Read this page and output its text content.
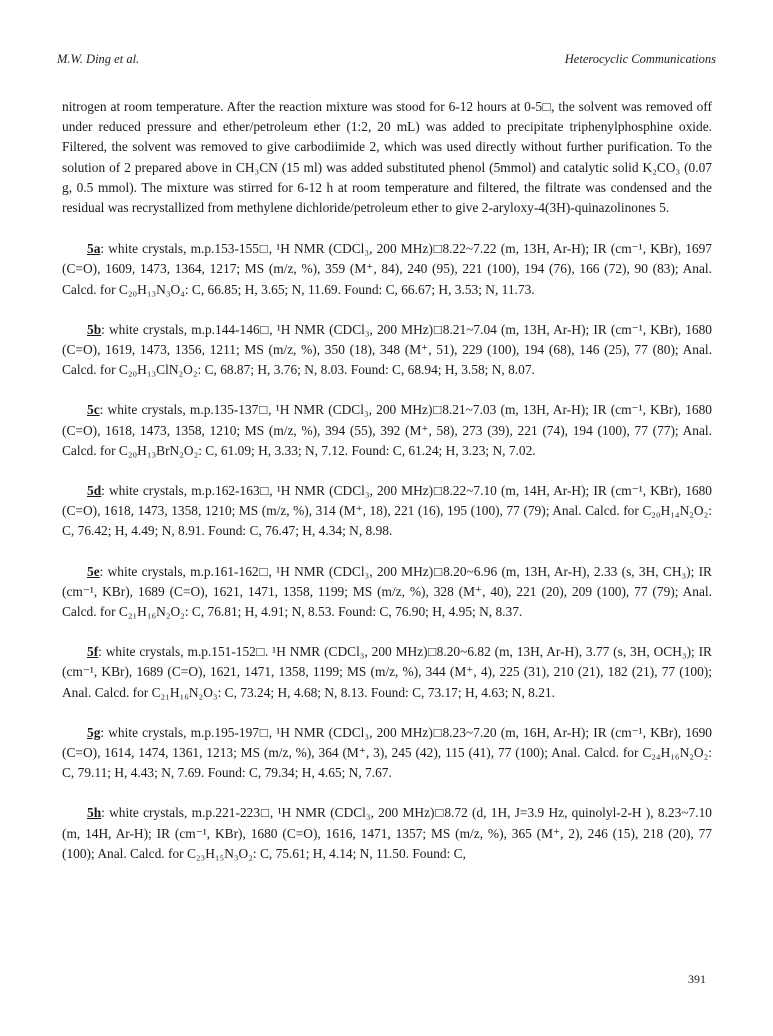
M.W. Ding et al.	Heterocyclic Communications

nitrogen at room temperature. After the reaction mixture was stood for 6-12 hours at 0-5□, the solvent was removed off under reduced pressure and ether/petroleum ether (1:2, 20 mL) was added to precipitate triphenylphosphine oxide. Filtered, the solvent was removed to give carbodiimide 2, which was used directly without further purification. To the solution of 2 prepared above in CH₃CN (15 ml) was added substituted phenol (5mmol) and catalytic solid K₂CO₃ (0.07 g, 0.5 mmol). The mixture was stirred for 6-12 h at room temperature and filtered, the filtrate was condensed and the residual was recrystallized from methylene dichloride/petroleum ether to give 2-aryloxy-4(3H)-quinazolinones 5.

5a: white crystals, m.p.153-155□, ¹H NMR (CDCl₃, 200 MHz)□8.22~7.22 (m, 13H, Ar-H); IR (cm⁻¹, KBr), 1697 (C=O), 1609, 1473, 1364, 1217; MS (m/z, %), 359 (M⁺, 84), 240 (95), 221 (100), 194 (76), 166 (72), 90 (83); Anal. Calcd. for C₂₀H₁₃N₃O₄: C, 66.85; H, 3.65; N, 11.69. Found: C, 66.67; H, 3.53; N, 11.73.

5b: white crystals, m.p.144-146□, ¹H NMR (CDCl₃, 200 MHz)□8.21~7.04 (m, 13H, Ar-H); IR (cm⁻¹, KBr), 1680 (C=O), 1619, 1473, 1356, 1211; MS (m/z, %), 350 (18), 348 (M⁺, 51), 229 (100), 194 (68), 146 (25), 77 (80); Anal. Calcd. for C₂₀H₁₃ClN₂O₂: C, 68.87; H, 3.76; N, 8.03. Found: C, 68.94; H, 3.58; N, 8.07.

5c: white crystals, m.p.135-137□, ¹H NMR (CDCl₃, 200 MHz)□8.21~7.03 (m, 13H, Ar-H); IR (cm⁻¹, KBr), 1680 (C=O), 1618, 1473, 1358, 1210; MS (m/z, %), 394 (55), 392 (M⁺, 58), 273 (39), 221 (74), 194 (100), 77 (77); Anal. Calcd. for C₂₀H₁₃BrN₂O₂: C, 61.09; H, 3.33; N, 7.12. Found: C, 61.24; H, 3.23; N, 7.02.

5d: white crystals, m.p.162-163□, ¹H NMR (CDCl₃, 200 MHz)□8.22~7.10 (m, 14H, Ar-H); IR (cm⁻¹, KBr), 1680 (C=O), 1618, 1473, 1358, 1210; MS (m/z, %), 314 (M⁺, 18), 221 (16), 195 (100), 77 (79); Anal. Calcd. for C₂₀H₁₄N₂O₂: C, 76.42; H, 4.49; N, 8.91. Found: C, 76.47; H, 4.34; N, 8.98.

5e: white crystals, m.p.161-162□, ¹H NMR (CDCl₃, 200 MHz)□8.20~6.96 (m, 13H, Ar-H), 2.33 (s, 3H, CH₃); IR (cm⁻¹, KBr), 1689 (C=O), 1621, 1471, 1358, 1199; MS (m/z, %), 328 (M⁺, 40), 221 (20), 209 (100), 77 (79); Anal. Calcd. for C₂₁H₁₆N₂O₂: C, 76.81; H, 4.91; N, 8.53. Found: C, 76.90; H, 4.95; N, 8.37.

5f: white crystals, m.p.151-152□. ¹H NMR (CDCl₃, 200 MHz)□8.20~6.82 (m, 13H, Ar-H), 3.77 (s, 3H, OCH₃); IR (cm⁻¹, KBr), 1689 (C=O), 1621, 1471, 1358, 1199; MS (m/z, %), 344 (M⁺, 4), 225 (31), 210 (21), 182 (21), 77 (100); Anal. Calcd. for C₂₁H₁₆N₂O₃: C, 73.24; H, 4.68; N, 8.13. Found: C, 73.17; H, 4.63; N, 8.21.

5g: white crystals, m.p.195-197□, ¹H NMR (CDCl₃, 200 MHz)□8.23~7.20 (m, 16H, Ar-H); IR (cm⁻¹, KBr), 1690 (C=O), 1614, 1474, 1361, 1213; MS (m/z, %), 364 (M⁺, 3), 245 (42), 115 (41), 77 (100); Anal. Calcd. for C₂₄H₁₆N₂O₂: C, 79.11; H, 4.43; N, 7.69. Found: C, 79.34; H, 4.65; N, 7.67.

5h: white crystals, m.p.221-223□, ¹H NMR (CDCl₃, 200 MHz)□8.72 (d, 1H, J=3.9 Hz, quinolyl-2-H ), 8.23~7.10 (m, 14H, Ar-H); IR (cm⁻¹, KBr), 1680 (C=O), 1616, 1471, 1357; MS (m/z, %), 365 (M⁺, 2), 246 (15), 218 (20), 77 (100); Anal. Calcd. for C₂₃H₁₅N₃O₂: C, 75.61; H, 4.14; N, 11.50. Found: C,

391
